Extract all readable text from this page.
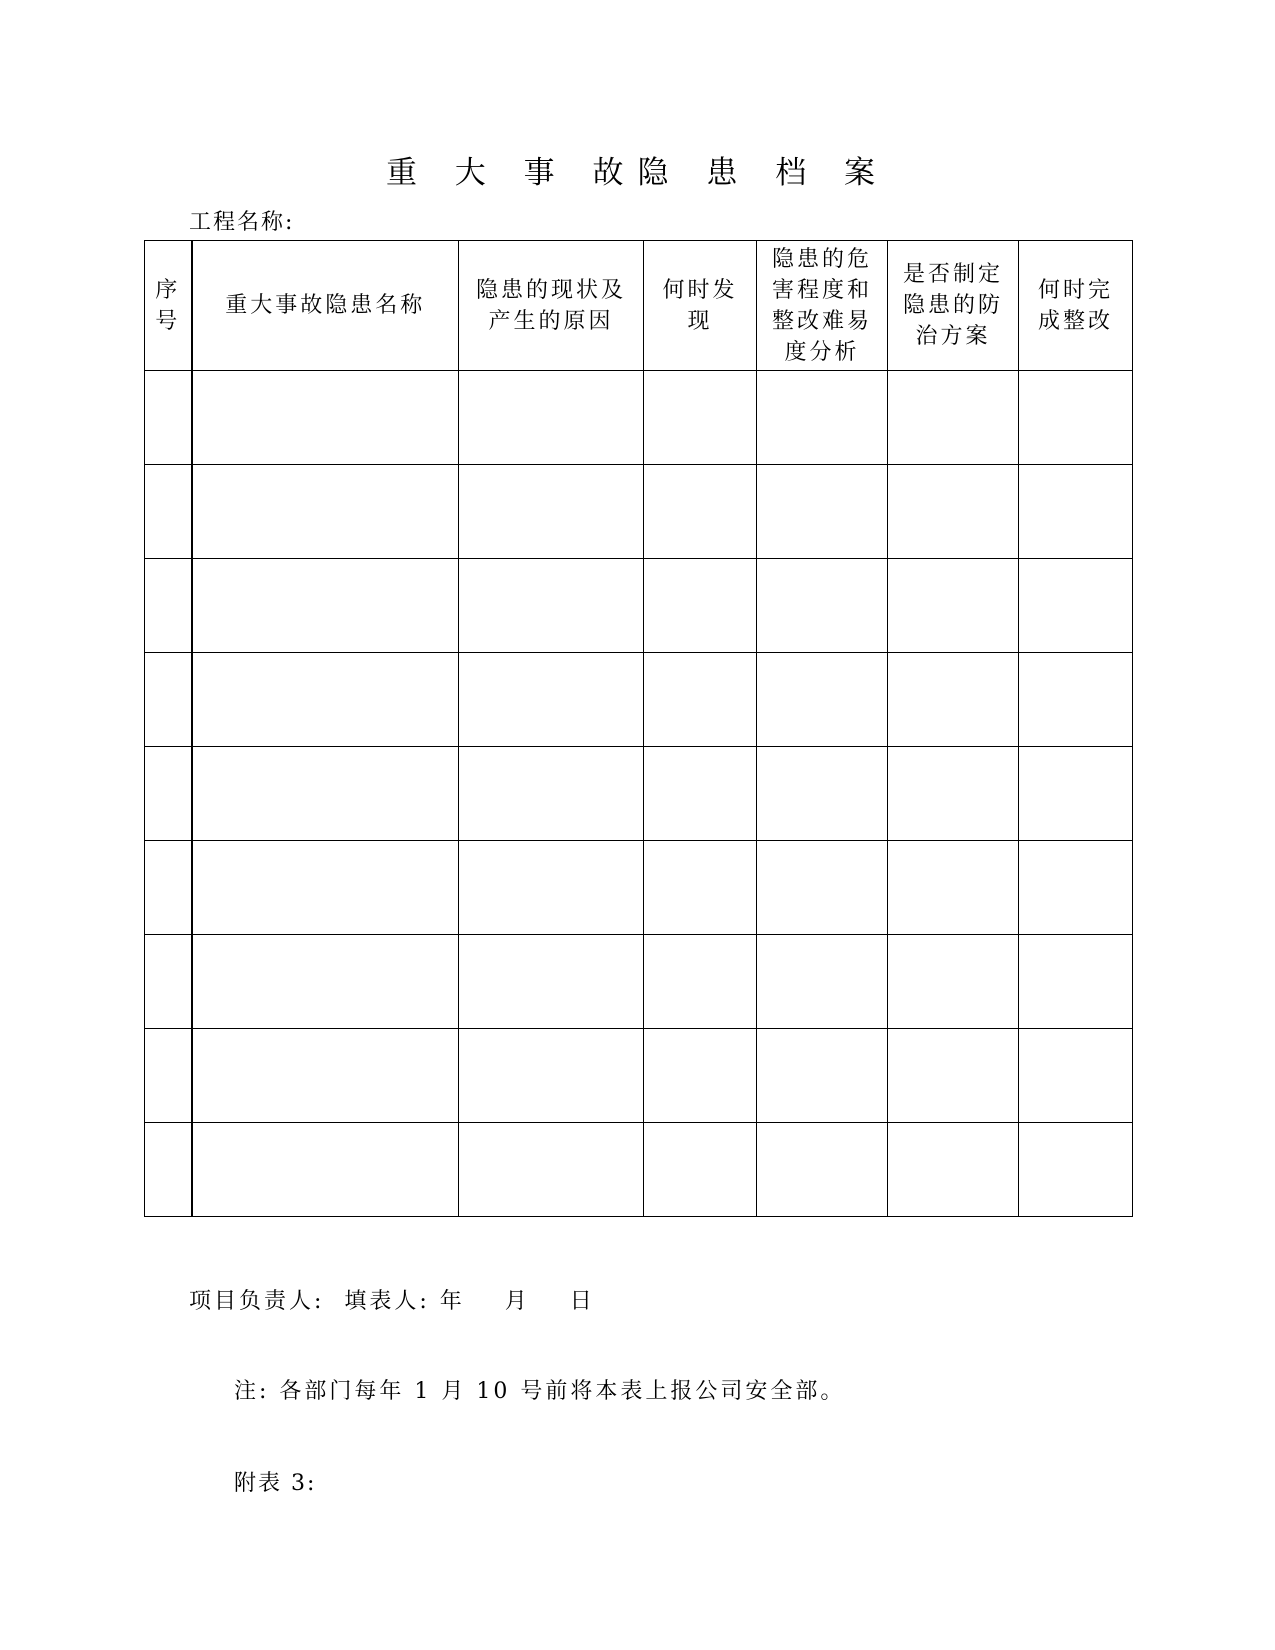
重 大 事 故隐 患 档 案
工程名称:
序号	重大事故隐患名称	隐患的现状及产生的原因	何时发现	隐患的危害程度和整改难易度分析	是否制定隐患的防治方案	何时完成整改

项目负责人:  填表人: 年    月    日
注: 各部门每年 1 月 10 号前将本表上报公司安全部。
附表 3:
